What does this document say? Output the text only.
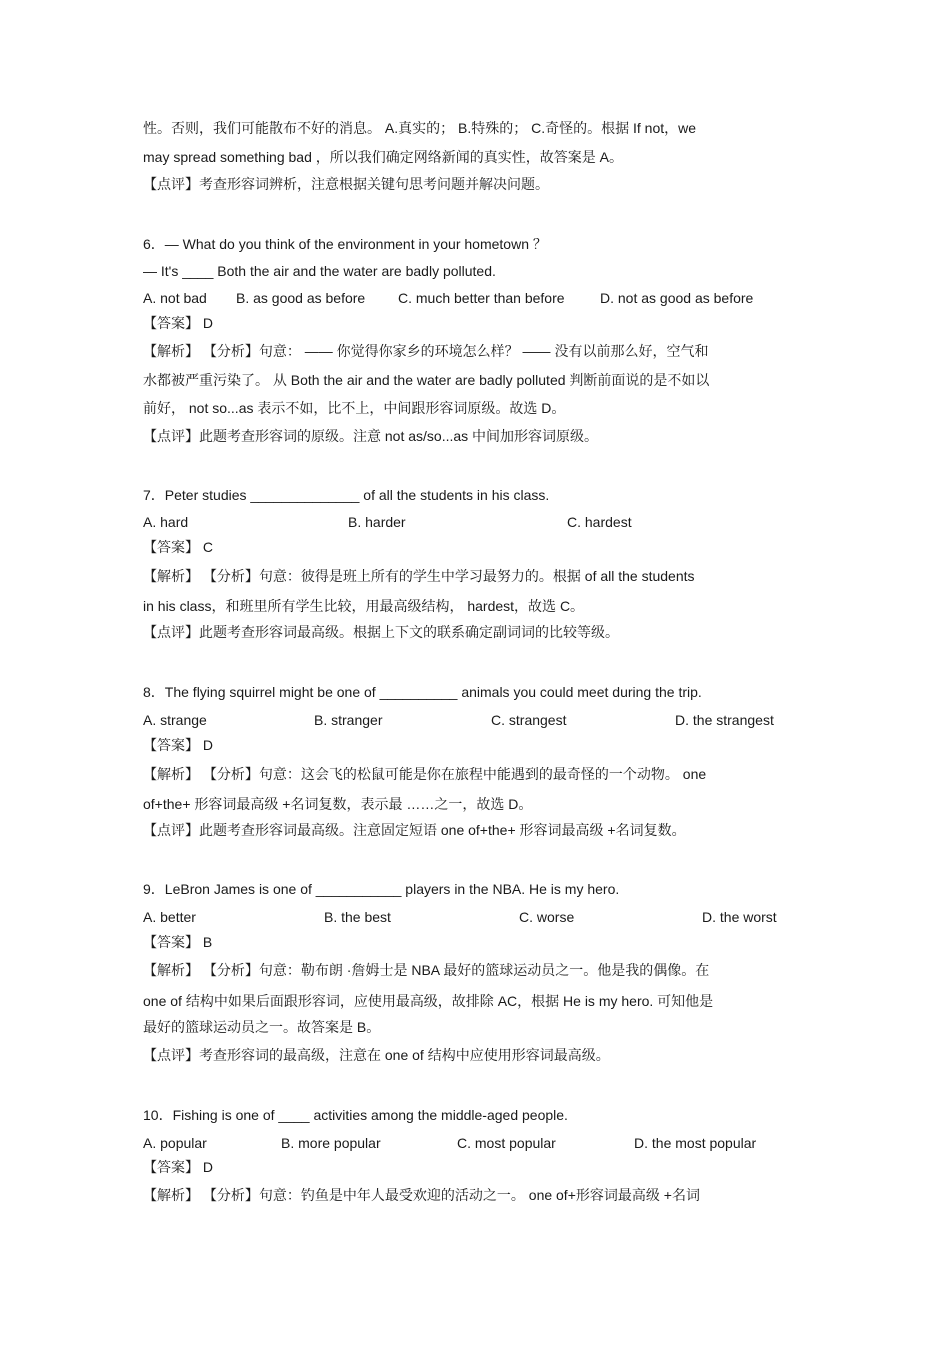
性。否则，我们可能散布不好的消息。 A.真实的； B.特殊的； C.奇怪的。根据 If not，we
may spread something bad ，所以我们确定网络新闻的真实性，故答案是 A。
【点评】考查形容词辨析，注意根据关键句思考问题并解决问题。
6．— What do you think of the environment in your hometown ？
— It's ____ Both the air and the water are badly polluted.
A. not bad B. as good as before C. much better than before	D. not as good as before
【答案】 D
【解析】 【分析】句意： —— 你觉得你家乡的环境怎么样？ —— 没有以前那么好，空气和
水都被严重污染了。 从 Both the air and the water are badly polluted 判断前面说的是不如以
前好， not so...as 表示不如，比不上，中间跟形容词原级。故选 D。
【点评】此题考查形容词的原级。注意 not as/so...as 中间加形容词原级。
7．Peter studies ______________ of all the students in his class.
A. hard	B. harder	C. hardest
【答案】 C
【解析】 【分析】句意：彼得是班上所有的学生中学习最努力的。根据 of all the students
in his class，和班里所有学生比较，用最高级结构， hardest，故选 C。
【点评】此题考查形容词最高级。根据上下文的联系确定副词词的比较等级。
8．The flying squirrel might be one of __________ animals you could meet during the trip.
A. strange	B. stranger	C. strangest	D. the strangest
【答案】 D
【解析】 【分析】句意：这会飞的松鼠可能是你在旅程中能遇到的最奇怪的一个动物。 one
of+the+ 形容词最高级 +名词复数，表示最 ……之一，故选 D。
【点评】此题考查形容词最高级。注意固定短语 one of+the+ 形容词最高级 +名词复数。
9．LeBron James is one of ___________ players in the NBA. He is my hero.
A. better	B. the best	C. worse	D. the worst
【答案】 B
【解析】 【分析】句意：勒布朗 ·詹姆士是 NBA 最好的篮球运动员之一。他是我的偶像。在
one of 结构中如果后面跟形容词，应使用最高级，故排除 AC，根据 He is my hero. 可知他是
最好的篮球运动员之一。故答案是 B。
【点评】考查形容词的最高级，注意在 one of 结构中应使用形容词最高级。
10．Fishing is one of ____ activities among the middle-aged people.
A. popular	B. more popular	C. most popular	D. the most popular
【答案】 D
【解析】 【分析】句意：钓鱼是中年人最受欢迎的活动之一。 one of+形容词最高级 +名词
